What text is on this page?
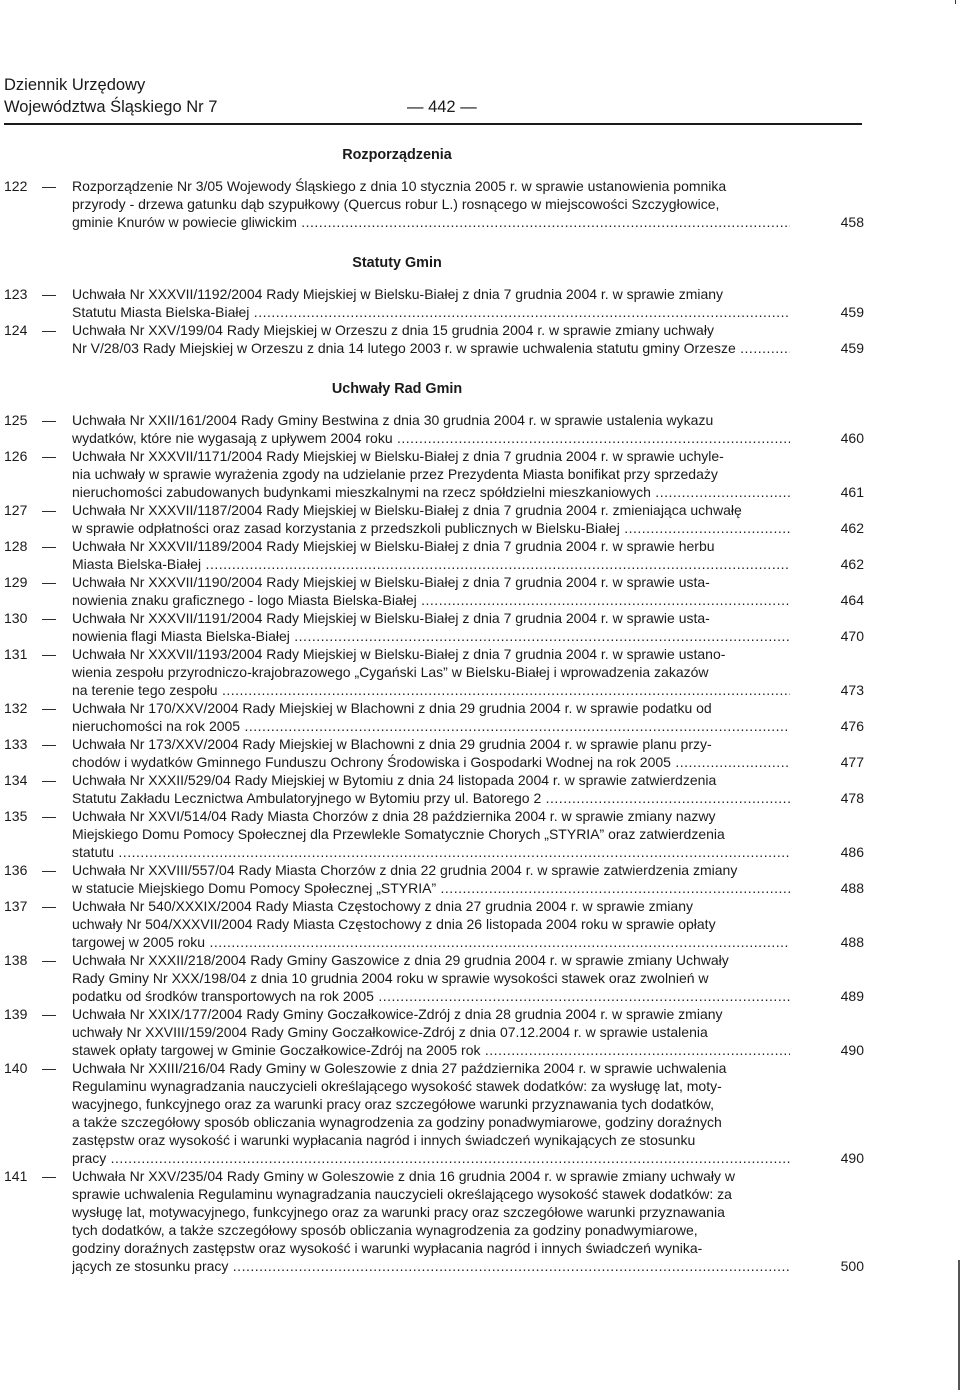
Dziennik Urzędowy
Województwa Śląskiego Nr 7	— 442 —
Rozporządzenia
122	— Rozporządzenie Nr 3/05 Wojewody Śląskiego z dnia 10 stycznia 2005 r. w sprawie ustanowienia pomnika
przyrody - drzewa gatunku dąb szypułkowy (Quercus robur L.) rosnącego w miejscowości Szczygłowice,
gminie Knurów w powiecie gliwickim .....	458
Statuty Gmin
123	— Uchwała Nr XXXVII/1192/2004 Rady Miejskiej w Bielsku-Białej z dnia 7 grudnia 2004 r. w sprawie zmiany
Statutu Miasta Bielska-Białej .....	459
124	— Uchwała Nr XXV/199/04 Rady Miejskiej w Orzeszu z dnia 15 grudnia 2004 r. w sprawie zmiany uchwały
Nr V/28/03 Rady Miejskiej w Orzeszu z dnia 14 lutego 2003 r. w sprawie uchwalenia statutu gminy Orzesze .....	459
Uchwały Rad Gmin
125	— Uchwała Nr XXII/161/2004 Rady Gminy Bestwina z dnia 30 grudnia 2004 r. w sprawie ustalenia wykazu
wydatków, które nie wygasają z upływem 2004 roku .....	460
126	— Uchwała Nr XXXVII/1171/2004 Rady Miejskiej w Bielsku-Białej z dnia 7 grudnia 2004 r. w sprawie uchyle-
nia uchwały w sprawie wyrażenia zgody na udzielanie przez Prezydenta Miasta bonifikat przy sprzedaży
nieruchomości zabudowanych budynkami mieszkalnymi na rzecz spółdzielni mieszkaniowych .....	461
127	— Uchwała Nr XXXVII/1187/2004 Rady Miejskiej w Bielsku-Białej z dnia 7 grudnia 2004 r. zmieniająca uchwałę
w sprawie odpłatności oraz zasad korzystania z przedszkoli publicznych w Bielsku-Białej .....	462
128	— Uchwała Nr XXXVII/1189/2004 Rady Miejskiej w Bielsku-Białej z dnia 7 grudnia 2004 r. w sprawie herbu
Miasta Bielska-Białej .....	462
129	— Uchwała Nr XXXVII/1190/2004 Rady Miejskiej w Bielsku-Białej z dnia 7 grudnia 2004 r. w sprawie usta-
nowienia znaku graficznego - logo Miasta Bielska-Białej .....	464
130	— Uchwała Nr XXXVII/1191/2004 Rady Miejskiej w Bielsku-Białej z dnia 7 grudnia 2004 r. w sprawie usta-
nowienia flagi Miasta Bielska-Białej .....	470
131	— Uchwała Nr XXXVII/1193/2004 Rady Miejskiej w Bielsku-Białej z dnia 7 grudnia 2004 r. w sprawie ustano-
wienia zespołu przyrodniczo-krajobrazowego „Cygański Las” w Bielsku-Białej i wprowadzenia zakazów
na terenie tego zespołu .....	473
132	— Uchwała Nr 170/XXV/2004 Rady Miejskiej w Blachowni z dnia 29 grudnia 2004 r. w sprawie podatku od
nieruchomości na rok 2005 .....	476
133	— Uchwała Nr 173/XXV/2004 Rady Miejskiej w Blachowni z dnia 29 grudnia 2004 r. w sprawie planu przy-
chodów i wydatków Gminnego Funduszu Ochrony Środowiska i Gospodarki Wodnej na rok 2005 .....	477
134	— Uchwała Nr XXXII/529/04 Rady Miejskiej w Bytomiu z dnia 24 listopada 2004 r. w sprawie zatwierdzenia
Statutu Zakładu Lecznictwa Ambulatoryjnego w Bytomiu przy ul. Batorego 2 .....	478
135	— Uchwała Nr XXVI/514/04 Rady Miasta Chorzów z dnia 28 października 2004 r. w sprawie zmiany nazwy
Miejskiego Domu Pomocy Społecznej dla Przewlekle Somatycznie Chorych „STYRIA” oraz zatwierdzenia
statutu .....	486
136	— Uchwała Nr XXVIII/557/04 Rady Miasta Chorzów z dnia 22 grudnia 2004 r. w sprawie zatwierdzenia zmiany
w statucie Miejskiego Domu Pomocy Społecznej „STYRIA” .....	488
137	— Uchwała Nr 540/XXXIX/2004 Rady Miasta Częstochowy z dnia 27 grudnia 2004 r. w sprawie zmiany
uchwały Nr 504/XXXVII/2004 Rady Miasta Częstochowy z dnia 26 listopada 2004 roku w sprawie opłaty
targowej w 2005 roku .....	488
138	— Uchwała Nr XXXII/218/2004 Rady Gminy Gaszowice z dnia 29 grudnia 2004 r. w sprawie zmiany Uchwały
Rady Gminy Nr XXX/198/04 z dnia 10 grudnia 2004 roku w sprawie wysokości stawek oraz zwolnień w
podatku od środków transportowych na rok 2005 .....	489
139	— Uchwała Nr XXIX/177/2004 Rady Gminy Goczałkowice-Zdrój z dnia 28 grudnia 2004 r. w sprawie zmiany
uchwały Nr XXVIII/159/2004 Rady Gminy Goczałkowice-Zdrój z dnia 07.12.2004 r. w sprawie ustalenia
stawek opłaty targowej w Gminie Goczałkowice-Zdrój na 2005 rok .....	490
140	— Uchwała Nr XXIII/216/04 Rady Gminy w Goleszowie z dnia 27 października 2004 r. w sprawie uchwalenia
Regulaminu wynagradzania nauczycieli określającego wysokość stawek dodatków: za wysługę lat, moty-
wacyjnego, funkcyjnego oraz za warunki pracy oraz szczegółowe warunki przyznawania tych dodatków,
a także szczegółowy sposób obliczania wynagrodzenia za godziny ponadwymiarowe, godziny doraźnych
zastępstw oraz wysokość i warunki wypłacania nagród i innych świadczeń wynikających ze stosunku
pracy .....	490
141	— Uchwała Nr XXV/235/04 Rady Gminy w Goleszowie z dnia 16 grudnia 2004 r. w sprawie zmiany uchwały w
sprawie uchwalenia Regulaminu wynagradzania nauczycieli określającego wysokość stawek dodatków: za
wysługę lat, motywacyjnego, funkcyjnego oraz za warunki pracy oraz szczegółowe warunki przyznawania
tych dodatków, a także szczegółowy sposób obliczania wynagrodzenia za godziny ponadwymiarowe,
godziny doraźnych zastępstw oraz wysokość i warunki wypłacania nagród i innych świadczeń wynika-
jących ze stosunku pracy .....	500
